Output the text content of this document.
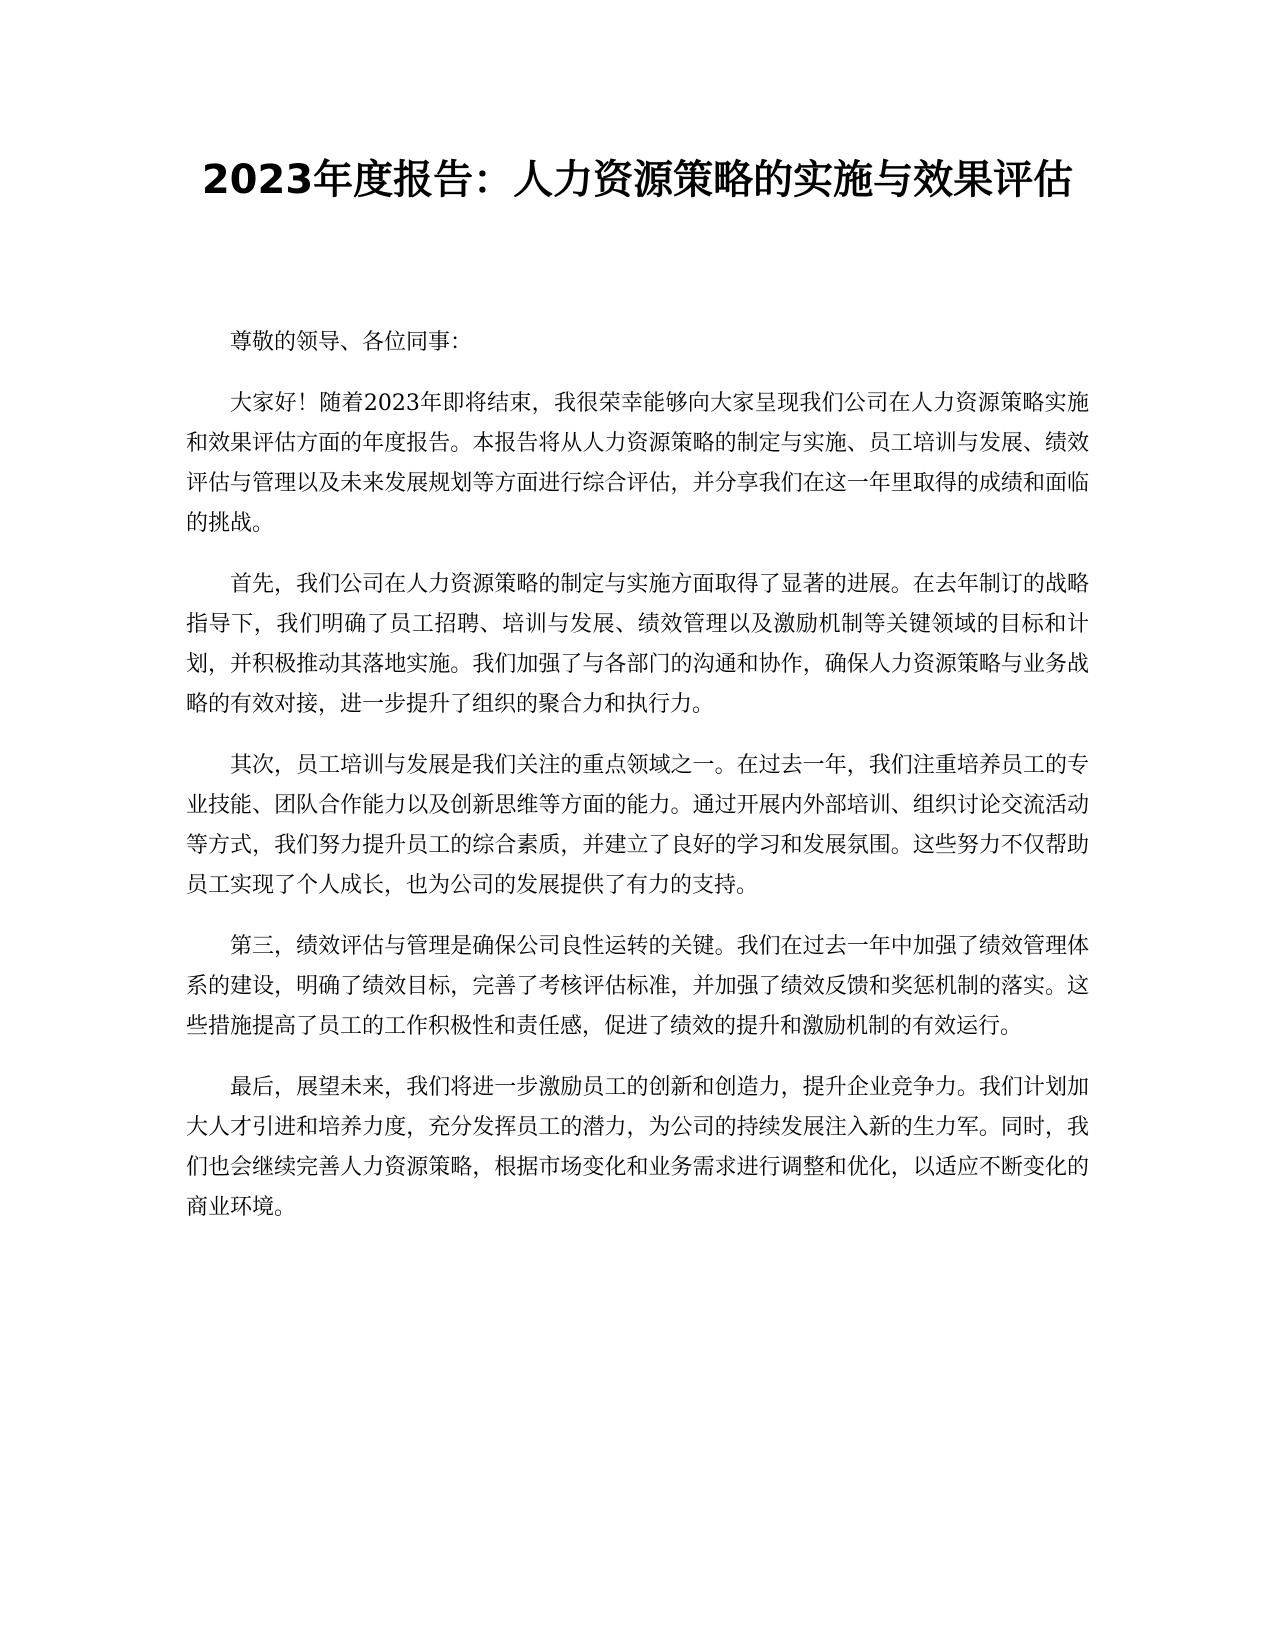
2023年度报告：人力资源策略的实施与效果评估

尊敬的领导、各位同事：

大家好！随着2023年即将结束，我很荣幸能够向大家呈现我们公司在人力资源策略实施和效果评估方面的年度报告。本报告将从人力资源策略的制定与实施、员工培训与发展、绩效评估与管理以及未来发展规划等方面进行综合评估，并分享我们在这一年里取得的成绩和面临的挑战。

首先，我们公司在人力资源策略的制定与实施方面取得了显著的进展。在去年制订的战略指导下，我们明确了员工招聘、培训与发展、绩效管理以及激励机制等关键领域的目标和计划，并积极推动其落地实施。我们加强了与各部门的沟通和协作，确保人力资源策略与业务战略的有效对接，进一步提升了组织的聚合力和执行力。

其次，员工培训与发展是我们关注的重点领域之一。在过去一年，我们注重培养员工的专业技能、团队合作能力以及创新思维等方面的能力。通过开展内外部培训、组织讨论交流活动等方式，我们努力提升员工的综合素质，并建立了良好的学习和发展氛围。这些努力不仅帮助员工实现了个人成长，也为公司的发展提供了有力的支持。

第三，绩效评估与管理是确保公司良性运转的关键。我们在过去一年中加强了绩效管理体系的建设，明确了绩效目标，完善了考核评估标准，并加强了绩效反馈和奖惩机制的落实。这些措施提高了员工的工作积极性和责任感，促进了绩效的提升和激励机制的有效运行。

最后，展望未来，我们将进一步激励员工的创新和创造力，提升企业竞争力。我们计划加大人才引进和培养力度，充分发挥员工的潜力，为公司的持续发展注入新的生力军。同时，我们也会继续完善人力资源策略，根据市场变化和业务需求进行调整和优化，以适应不断变化的商业环境。
